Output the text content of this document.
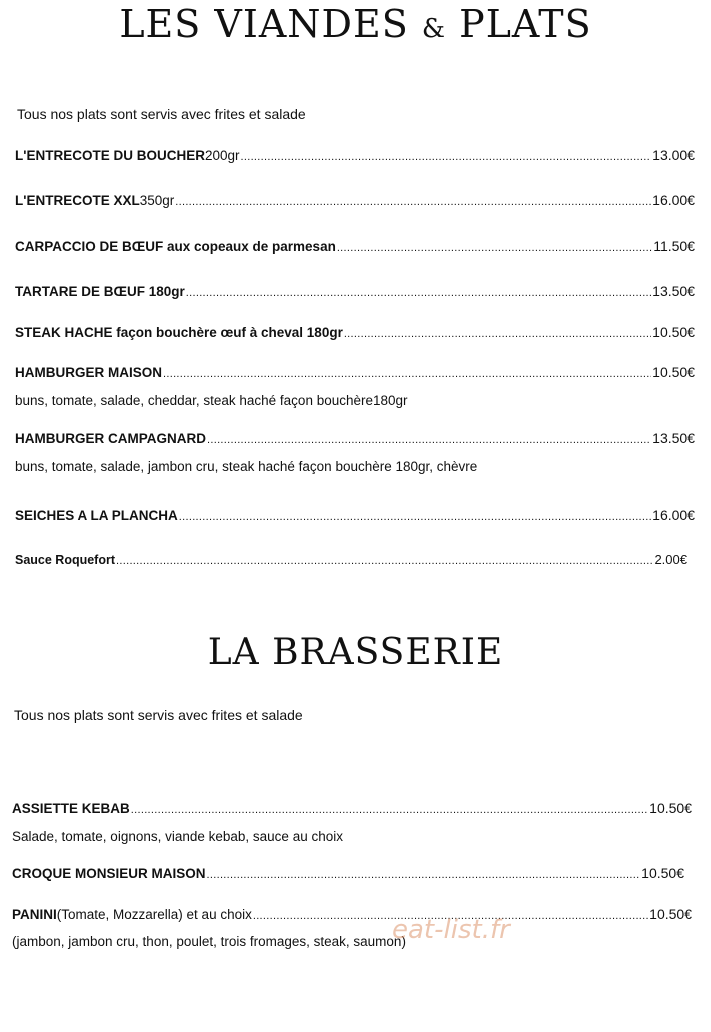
LES VIANDES & PLATS

Tous nos plats sont servis avec frites et salade

L'ENTRECOTE DU BOUCHER 200gr .....	13.00€
L'ENTRECOTE XXL 350gr .....	16.00€
CARPACCIO DE BŒUF aux copeaux de parmesan .....	11.50€
TARTARE DE BŒUF 180gr .....	13.50€
STEAK HACHE façon bouchère œuf à cheval 180gr .....	10.50€
HAMBURGER MAISON .....	10.50€
buns, tomate, salade, cheddar, steak haché façon bouchère180gr
HAMBURGER CAMPAGNARD .....	13.50€
buns, tomate, salade, jambon cru, steak haché façon bouchère 180gr, chèvre
SEICHES A LA PLANCHA .....	16.00€
Sauce Roquefort .....	2.00€
LA BRASSERIE

Tous nos plats sont servis avec frites et salade

ASSIETTE KEBAB .....	10.50€
Salade, tomate, oignons, viande kebab, sauce au choix
CROQUE MONSIEUR MAISON .....	10.50€
PANINI (Tomate, Mozzarella) et au choix .....	10.50€
(jambon, jambon cru, thon, poulet, trois fromages, steak, saumon)
eat-list.fr
